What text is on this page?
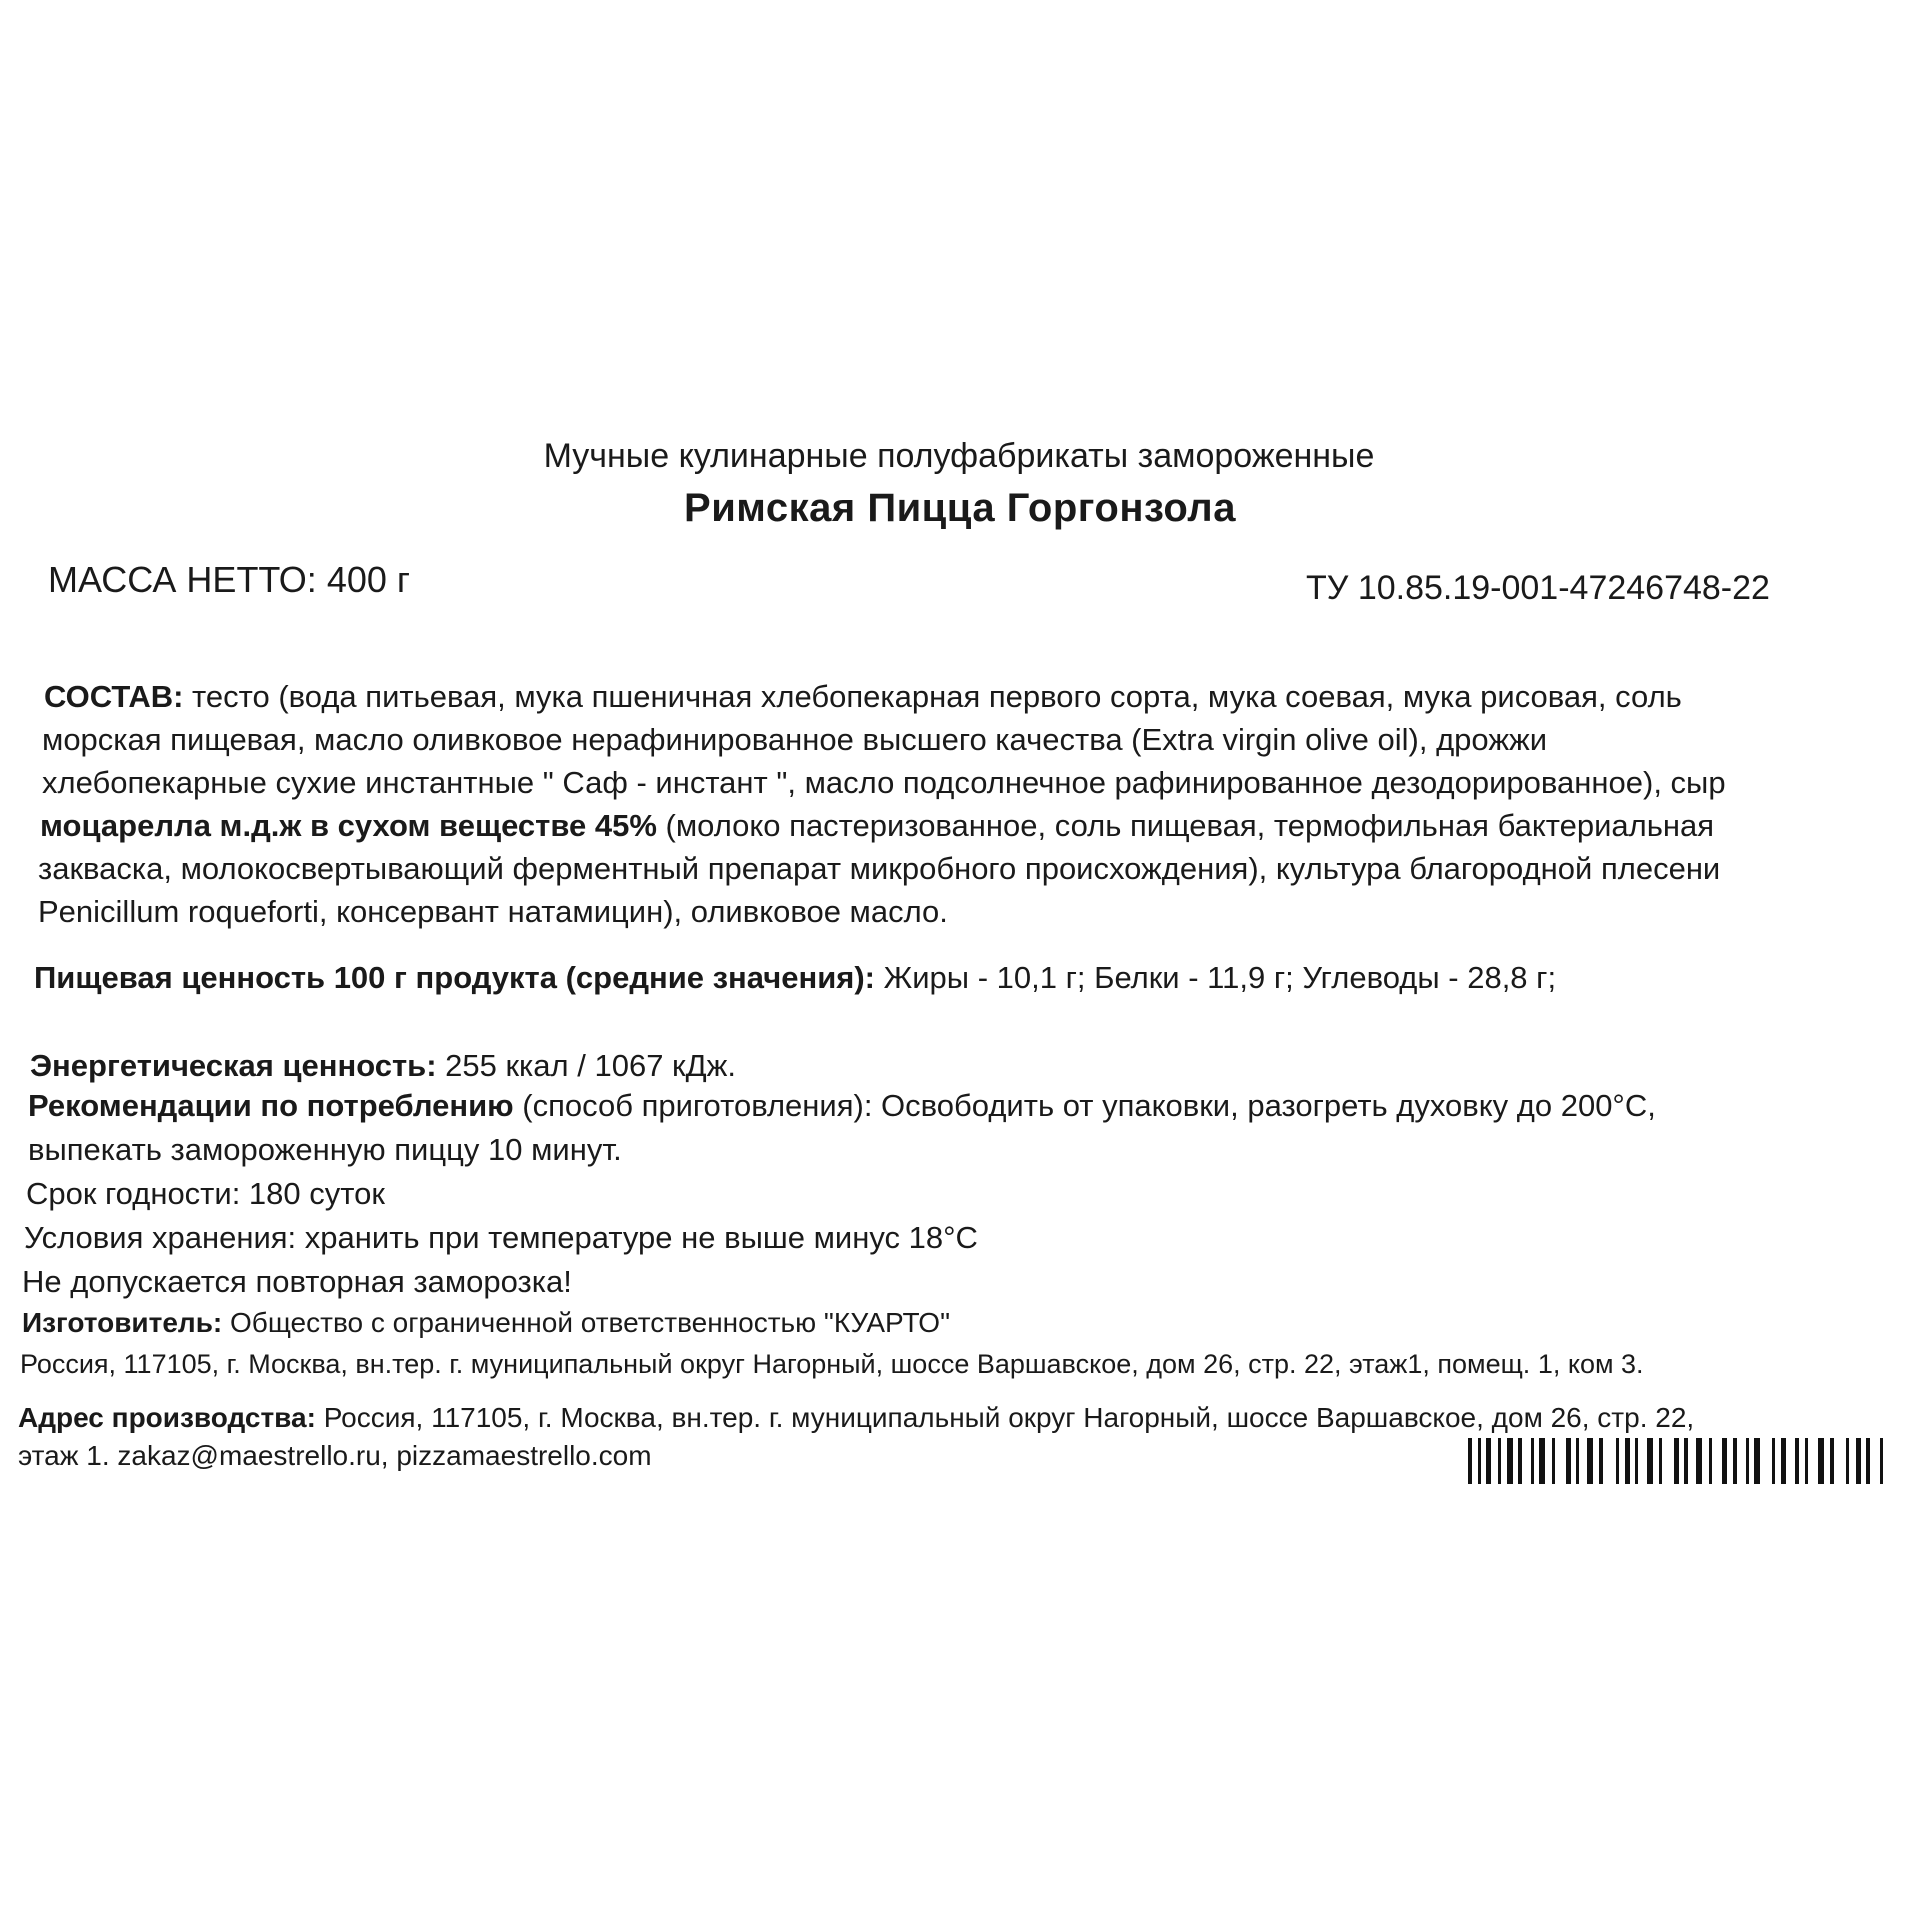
Мучные кулинарные полуфабрикаты замороженные
Римская Пицца Горгонзола
МАССА НЕТТО: 400 г	ТУ 10.85.19-001-47246748-22
СОСТАВ: тесто (вода питьевая, мука пшеничная хлебопекарная первого сорта, мука соевая, мука рисовая, соль
морская пищевая, масло оливковое нерафинированное высшего качества (Extra virgin olive oil), дрожжи
хлебопекарные сухие инстантные " Саф - инстант ", масло подсолнечное рафинированное дезодорированное), сыр
моцарелла м.д.ж в сухом веществе 45% (молоко пастеризованное, соль пищевая, термофильная бактериальная
закваска, молокосвертывающий ферментный препарат микробного происхождения), культура благородной плесени
Penicillum roqueforti, консервант натамицин), оливковое масло.
Пищевая ценность 100 г продукта (средние значения): Жиры - 10,1 г; Белки - 11,9 г; Углеводы - 28,8 г;
Энергетическая ценность: 255 ккал / 1067 кДж.
Рекомендации по потреблению (способ приготовления): Освободить от упаковки, разогреть духовку до 200°С,
выпекать замороженную пиццу 10 минут.
Срок годности: 180 суток
Условия хранения: хранить при температуре не выше минус 18°С
Не допускается повторная заморозка!
Изготовитель: Общество с ограниченной ответственностью "КУАРТО"
Россия, 117105, г. Москва, вн.тер. г. муниципальный округ Нагорный, шоссе Варшавское, дом 26, стр. 22, этаж1, помещ. 1, ком 3.
Адрес производства: Россия, 117105, г. Москва, вн.тер. г. муниципальный округ Нагорный, шоссе Варшавское, дом 26, стр. 22,
этаж 1. zakaz@maestrello.ru, pizzamaestrello.com
